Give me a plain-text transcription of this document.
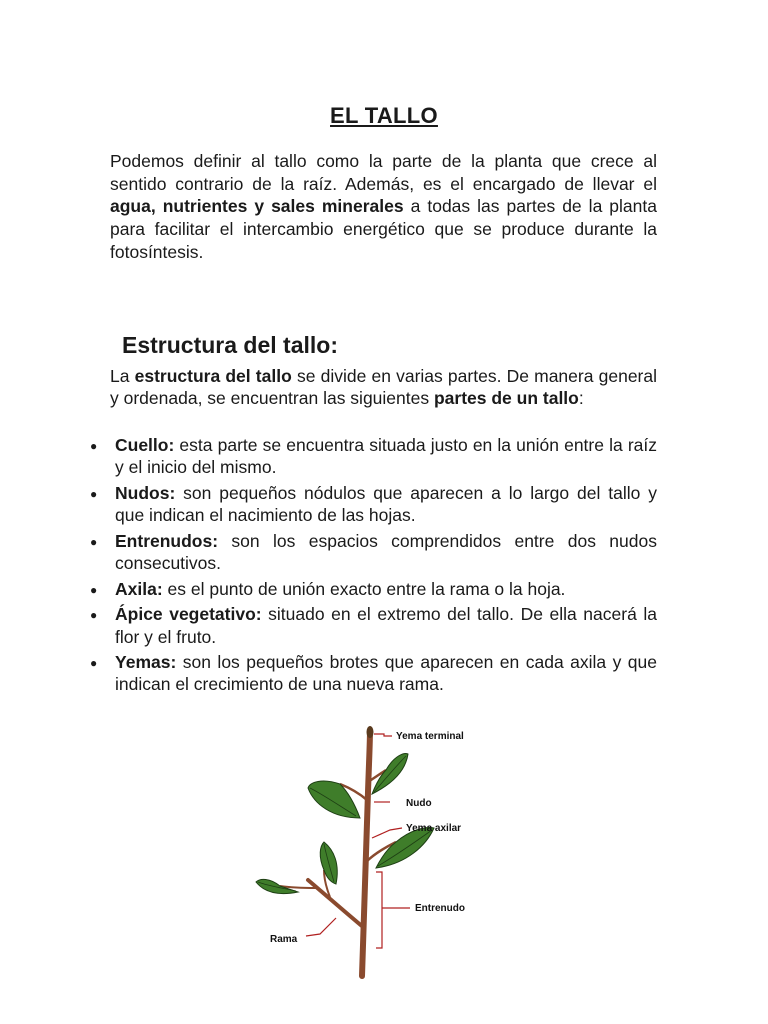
EL TALLO

Podemos definir al tallo como la parte de la planta que crece al sentido contrario de la raíz. Además, es el encargado de llevar el agua, nutrientes y sales minerales a todas las partes de la planta para facilitar el intercambio energético que se produce durante la fotosíntesis.

Estructura del tallo:

La estructura del tallo se divide en varias partes. De manera general y ordenada, se encuentran las siguientes partes de un tallo:

● Cuello: esta parte se encuentra situada justo en la unión entre la raíz y el inicio del mismo.
● Nudos: son pequeños nódulos que aparecen a lo largo del tallo y que indican el nacimiento de las hojas.
● Entrenudos: son los espacios comprendidos entre dos nudos consecutivos.
● Axila: es el punto de unión exacto entre la rama o la hoja.
● Ápice vegetativo: situado en el extremo del tallo. De ella nacerá la flor y el fruto.
● Yemas: son los pequeños brotes que aparecen en cada axila y que indican el crecimiento de una nueva rama.
Yema terminal
Nudo
Yema axilar
Entrenudo
Rama
